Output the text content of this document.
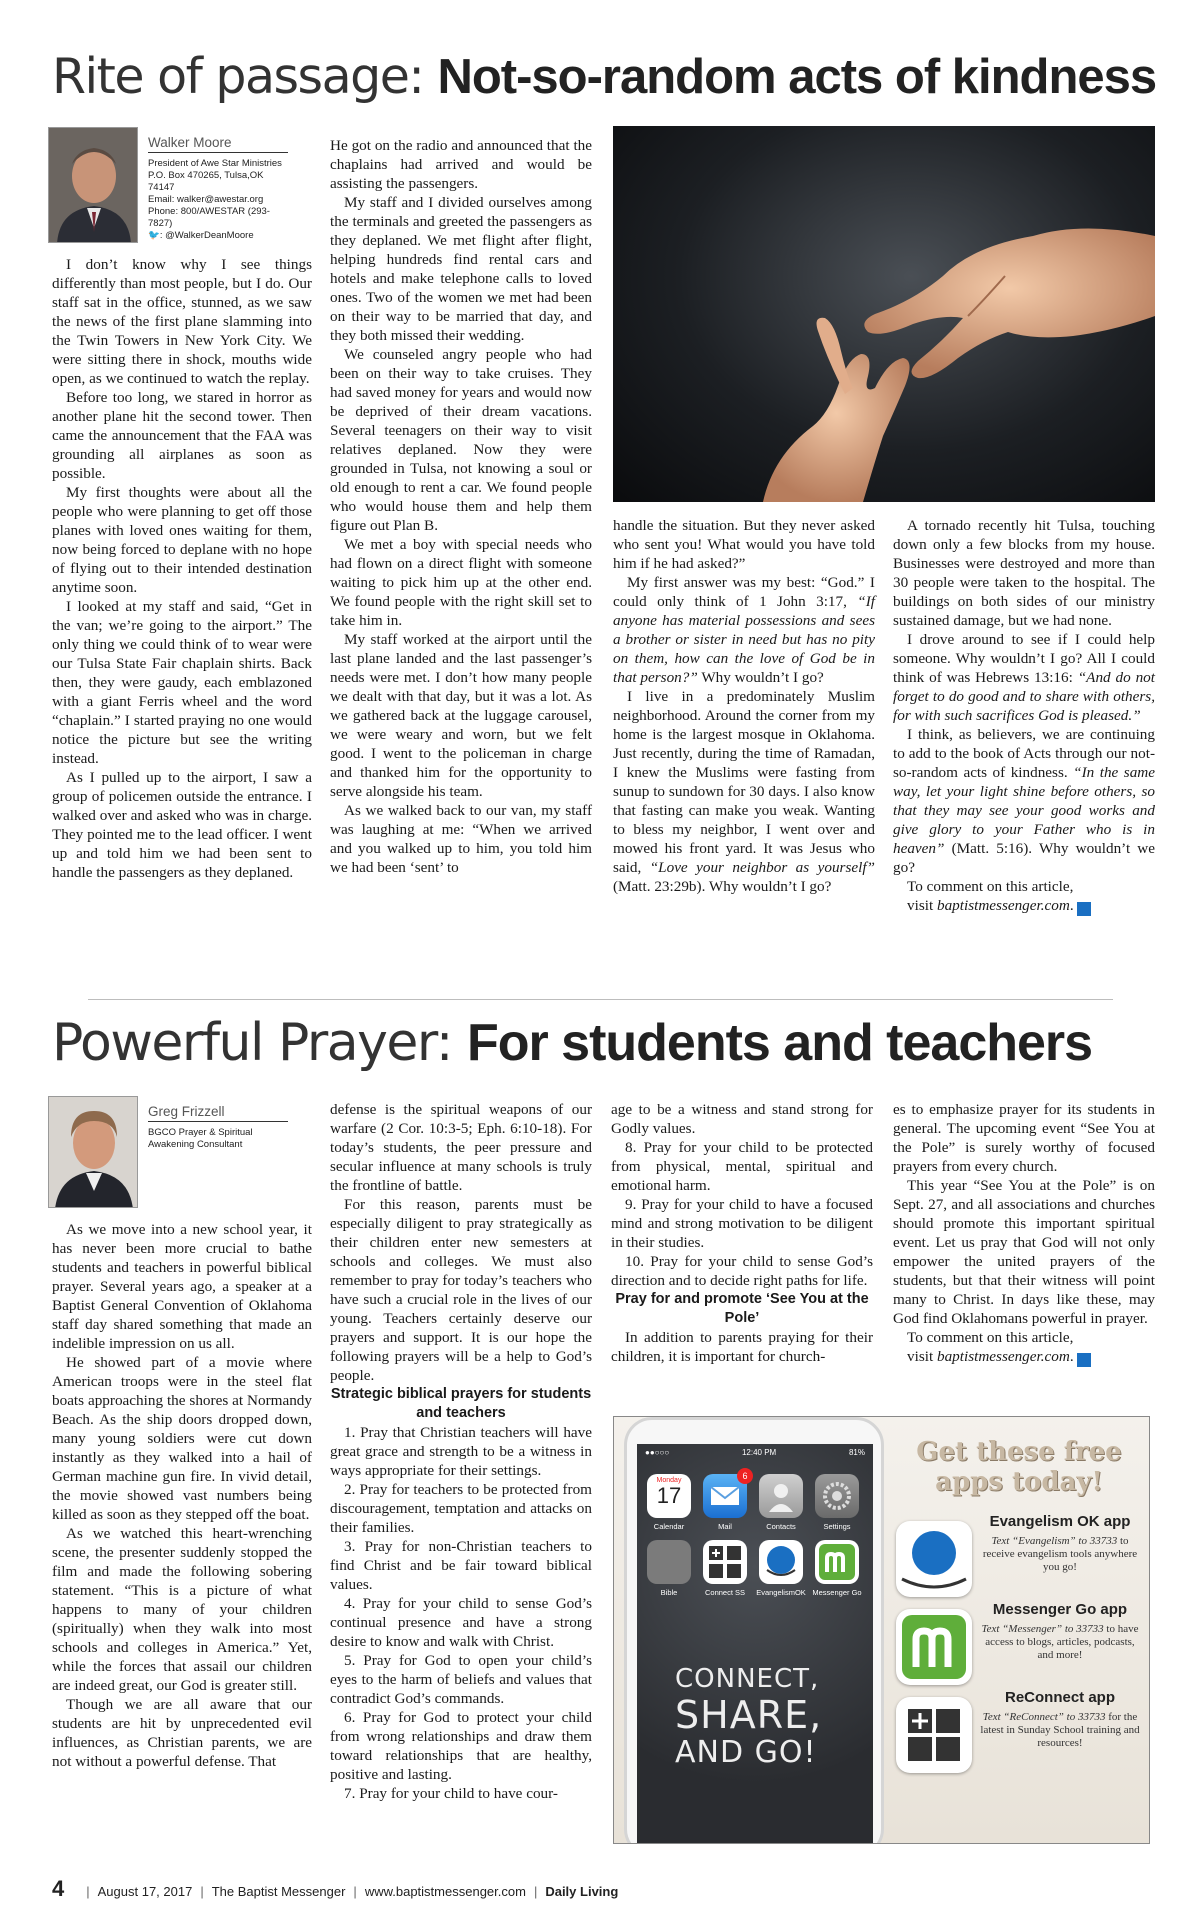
Rite of passage: Not-so-random acts of kindness
Walker Moore
President of Awe Star Ministries
P.O. Box 470265, Tulsa,OK 74147
Email: walker@awestar.org
Phone: 800/AWESTAR (293-7827)
🐦: @WalkerDeanMoore

I don’t know why I see things differently than most people, but I do. Our staff sat in the office, stunned, as we saw the news of the first plane slamming into the Twin Towers in New York City. We were sitting there in shock, mouths wide open, as we continued to watch the replay.

Before too long, we stared in horror as another plane hit the second tower. Then came the announcement that the FAA was grounding all airplanes as soon as possible.

My first thoughts were about all the people who were planning to get off those planes with loved ones waiting for them, now being forced to deplane with no hope of flying out to their intended destination anytime soon.

I looked at my staff and said, “Get in the van; we’re going to the airport.” The only thing we could think of to wear were our Tulsa State Fair chaplain shirts. Back then, they were gaudy, each emblazoned with a giant Ferris wheel and the word “chaplain.” I started praying no one would notice the picture but see the writing instead.

As I pulled up to the airport, I saw a group of policemen outside the entrance. I walked over and asked who was in charge. They pointed me to the lead officer. I went up and told him we had been sent to handle the passengers as they deplaned.

He got on the radio and announced that the chaplains had arrived and would be assisting the passengers.

My staff and I divided ourselves among the terminals and greeted the passengers as they deplaned. We met flight after flight, helping hundreds find rental cars and hotels and make telephone calls to loved ones. Two of the women we met had been on their way to be married that day, and they both missed their wedding.

We counseled angry people who had been on their way to take cruises. They had saved money for years and would now be deprived of their dream vacations. Several teenagers on their way to visit relatives deplaned. Now they were grounded in Tulsa, not knowing a soul or old enough to rent a car. We found people who would house them and help them figure out Plan B.

We met a boy with special needs who had flown on a direct flight with someone waiting to pick him up at the other end. We found people with the right skill set to take him in.

My staff worked at the airport until the last plane landed and the last passenger’s needs were met. I don’t how many people we dealt with that day, but it was a lot. As we gathered back at the luggage carousel, we were weary and worn, but we felt good. I went to the policeman in charge and thanked him for the opportunity to serve alongside his team.

As we walked back to our van, my staff was laughing at me: “When we arrived and you walked up to him, you told him we had been ‘sent’ to

handle the situation. But they never asked who sent you! What would you have told him if he had asked?”

My first answer was my best: “God.” I could only think of 1 John 3:17, “If anyone has material possessions and sees a brother or sister in need but has no pity on them, how can the love of God be in that person?” Why wouldn’t I go?

I live in a predominately Muslim neighborhood. Around the corner from my home is the largest mosque in Oklahoma. Just recently, during the time of Ramadan, I knew the Muslims were fasting from sunup to sundown for 30 days. I also know that fasting can make you weak. Wanting to bless my neighbor, I went over and mowed his front yard. It was Jesus who said, “Love your neighbor as yourself” (Matt. 23:29b). Why wouldn’t I go?

A tornado recently hit Tulsa, touching down only a few blocks from my house. Businesses were destroyed and more than 30 people were taken to the hospital. The buildings on both sides of our ministry sustained damage, but we had none.

I drove around to see if I could help someone. Why wouldn’t I go? All I could think of was Hebrews 13:16: “And do not forget to do good and to share with others, for with such sacrifices God is pleased.”

I think, as believers, we are continuing to add to the book of Acts through our not-so-random acts of kindness. “In the same way, let your light shine before others, so that they may see your good works and give glory to your Father who is in heaven” (Matt. 5:16). Why wouldn’t we go?

To comment on this article,

visit baptistmessenger.com. m

Powerful Prayer: For students and teachers
Greg Frizzell
BGCO Prayer & Spiritual
Awakening Consultant

As we move into a new school year, it has never been more crucial to bathe students and teachers in powerful biblical prayer. Several years ago, a speaker at a Baptist General Convention of Oklahoma staff day shared something that made an indelible impression on us all.

He showed part of a movie where American troops were in the steel flat boats approaching the shores at Normandy Beach. As the ship doors dropped down, many young soldiers were cut down instantly as they walked into a hail of German machine gun fire. In vivid detail, the movie showed vast numbers being killed as soon as they stepped off the boat.

As we watched this heart-wrenching scene, the presenter suddenly stopped the film and made the following sobering statement. “This is a picture of what happens to many of your children (spiritually) when they walk into most schools and colleges in America.” Yet, while the forces that assail our children are indeed great, our God is greater still.

Though we are all aware that our students are hit by unprecedented evil influences, as Christian parents, we are not without a powerful defense. That

defense is the spiritual weapons of our warfare (2 Cor. 10:3-5; Eph. 6:10-18). For today’s students, the peer pressure and secular influence at many schools is truly the frontline of battle.

For this reason, parents must be especially diligent to pray strategically as their children enter new semesters at schools and colleges. We must also remember to pray for today’s teachers who have such a crucial role in the lives of our young. Teachers certainly deserve our prayers and support. It is our hope the following prayers will be a help to God’s people.

Strategic biblical prayers for students and teachers

1. Pray that Christian teachers will have great grace and strength to be a witness in ways appropriate for their settings.

2. Pray for teachers to be protected from discouragement, temptation and attacks on their families.

3. Pray for non-Christian teachers to find Christ and be fair toward biblical values.

4. Pray for your child to sense God’s continual presence and have a strong desire to know and walk with Christ.

5. Pray for God to open your child’s eyes to the harm of beliefs and values that contradict God’s commands.

6. Pray for God to protect your child from wrong relationships and draw them toward relationships that are healthy, positive and lasting.

7. Pray for your child to have cour-

age to be a witness and stand strong for Godly values.

8. Pray for your child to be protected from physical, mental, spiritual and emotional harm.

9. Pray for your child to have a focused mind and strong motivation to be diligent in their studies.

10. Pray for your child to sense God’s direction and to decide right paths for life.

Pray for and promote ‘See You at the Pole’

In addition to parents praying for their children, it is important for church-

es to emphasize prayer for its students in general. The upcoming event “See You at the Pole” is surely worthy of focused prayers from every church.

This year “See You at the Pole” is on Sept. 27, and all associations and churches should promote this important spiritual event. Let us pray that God will not only empower the united prayers of the students, but that their witness will point many to Christ. In days like these, may God find Oklahomans powerful in prayer.

To comment on this article,

visit baptistmessenger.com. m

●●○○○	12:40 PM	81%
Monday
17
Calendar
6
Mail	Contacts	Settings
Bible	Connect SS	EvangelismOK Messenger Go
CONNECT,
SHARE,
AND GO!
Get these free apps today!
Evangelism OK app
Text “Evangelism” to 33733 to receive evangelism tools anywhere you go!
Messenger Go app
Text “Messenger” to 33733 to have access to blogs, articles, podcasts, and more!
ReConnect app
Text “ReConnect” to 33733 for the latest in Sunday School training and resources!
4 | August 17, 2017 | The Baptist Messenger | www.baptistmessenger.com | Daily Living
